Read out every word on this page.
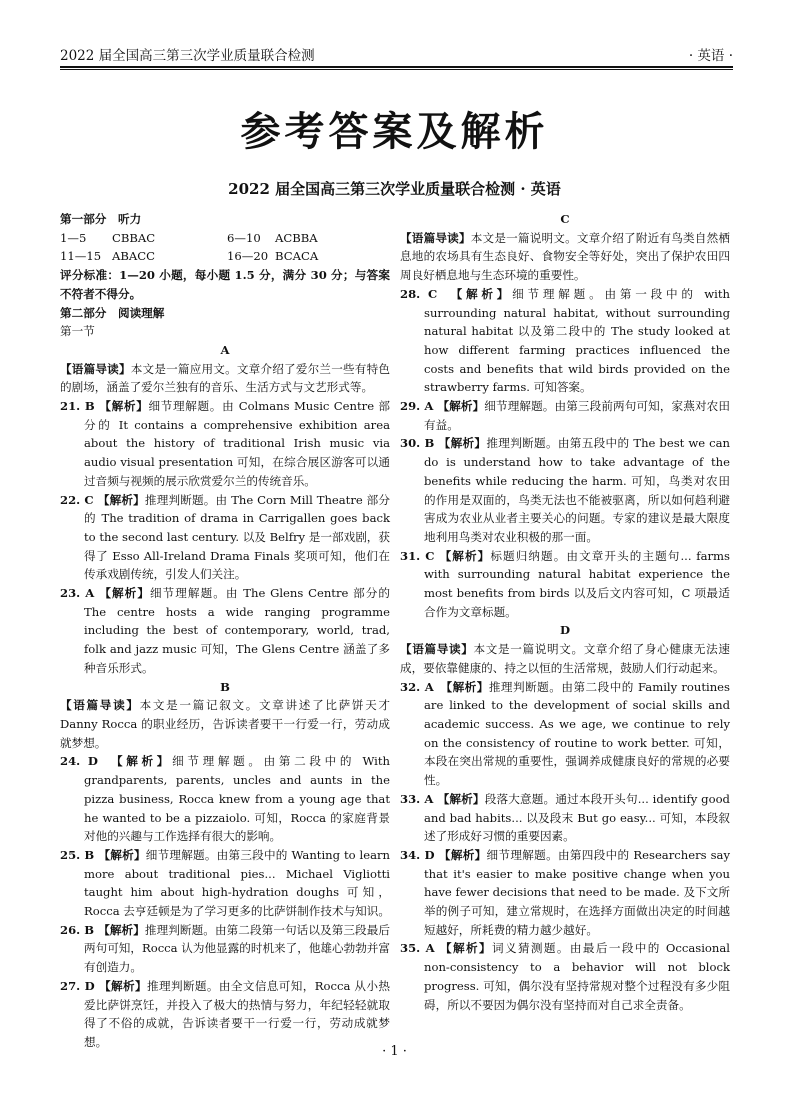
2022 届全国高三第三次学业质量联合检测	· 英语 ·
参考答案及解析
2022 届全国高三第三次学业质量联合检测 · 英语

第一部分　听力

1—5	CBBAC	6—10	ACBBA
11—15 ABACC	16—20 BCACA

评分标准：1—20 小题，每小题 1.5 分，满分 30 分；与答案不符者不得分。

第二部分　阅读理解

第一节

A

【语篇导读】本文是一篇应用文。文章介绍了爱尔兰一些有特色的剧场，涵盖了爱尔兰独有的音乐、生活方式与文艺形式等。

21. B 【解析】细节理解题。由 Colmans Music Centre 部分的 It contains a comprehensive exhibition area about the history of traditional Irish music via audio visual presentation 可知，在综合展区游客可以通过音频与视频的展示欣赏爱尔兰的传统音乐。

22. C 【解析】推理判断题。由 The Corn Mill Theatre 部分的 The tradition of drama in Carrigallen goes back to the second last century. 以及 Belfry 是一部戏剧，获得了 Esso All-Ireland Drama Finals 奖项可知，他们在传承戏剧传统，引发人们关注。

23. A 【解析】细节理解题。由 The Glens Centre 部分的 The centre hosts a wide ranging programme including the best of contemporary, world, trad, folk and jazz music 可知，The Glens Centre 涵盖了多种音乐形式。

B

【语篇导读】本文是一篇记叙文。文章讲述了比萨饼天才 Danny Rocca 的职业经历，告诉读者要干一行爱一行，劳动成就梦想。

24. D　【解析】细节理解题。由第二段中的 With grandparents, parents, uncles and aunts in the pizza business, Rocca knew from a young age that he wanted to be a pizzaiolo. 可知，Rocca 的家庭背景对他的兴趣与工作选择有很大的影响。

25. B 【解析】细节理解题。由第三段中的 Wanting to learn more about traditional pies... Michael Vigliotti taught him about high-hydration doughs 可知，Rocca 去亨廷顿是为了学习更多的比萨饼制作技术与知识。

26. B 【解析】推理判断题。由第二段第一句话以及第三段最后两句可知，Rocca 认为他显露的时机来了，他雄心勃勃并富有创造力。

27. D 【解析】推理判断题。由全文信息可知，Rocca 从小热爱比萨饼烹饪，并投入了极大的热情与努力，年纪轻轻就取得了不俗的成就，告诉读者要干一行爱一行，劳动成就梦想。

C

【语篇导读】本文是一篇说明文。文章介绍了附近有鸟类自然栖息地的农场具有生态良好、食物安全等好处，突出了保护农田四周良好栖息地与生态环境的重要性。

28. C　【解析】细节理解题。由第一段中的 with surrounding natural habitat, without surrounding natural habitat 以及第二段中的 The study looked at how different farming practices influenced the costs and benefits that wild birds provided on the strawberry farms. 可知答案。

29. A 【解析】细节理解题。由第三段前两句可知，家燕对农田有益。

30. B 【解析】推理判断题。由第五段中的 The best we can do is understand how to take advantage of the benefits while reducing the harm. 可知，鸟类对农田的作用是双面的，鸟类无法也不能被驱离，所以如何趋利避害成为农业从业者主要关心的问题。专家的建议是最大限度地利用鸟类对农业积极的那一面。

31. C 【解析】标题归纳题。由文章开头的主题句... farms with surrounding natural habitat experience the most benefits from birds 以及后文内容可知，C 项最适合作为文章标题。

D

【语篇导读】本文是一篇说明文。文章介绍了身心健康无法速成，要依靠健康的、持之以恒的生活常规，鼓励人们行动起来。

32. A　【解析】推理判断题。由第二段中的 Family routines are linked to the development of social skills and academic success. As we age, we continue to rely on the consistency of routine to work better. 可知，本段在突出常规的重要性，强调养成健康良好的常规的必要性。

33. A 【解析】段落大意题。通过本段开头句... identify good and bad habits... 以及段末 But go easy... 可知，本段叙述了形成好习惯的重要因素。

34. D 【解析】细节理解题。由第四段中的 Researchers say that it's easier to make positive change when you have fewer decisions that need to be made. 及下文所举的例子可知，建立常规时，在选择方面做出决定的时间越短越好，所耗费的精力越少越好。

35. A 【解析】词义猜测题。由最后一段中的 Occasional non-consistency to a behavior will not block progress. 可知，偶尔没有坚持常规对整个过程没有多少阻碍，所以不要因为偶尔没有坚持而对自己求全责备。

· 1 ·
